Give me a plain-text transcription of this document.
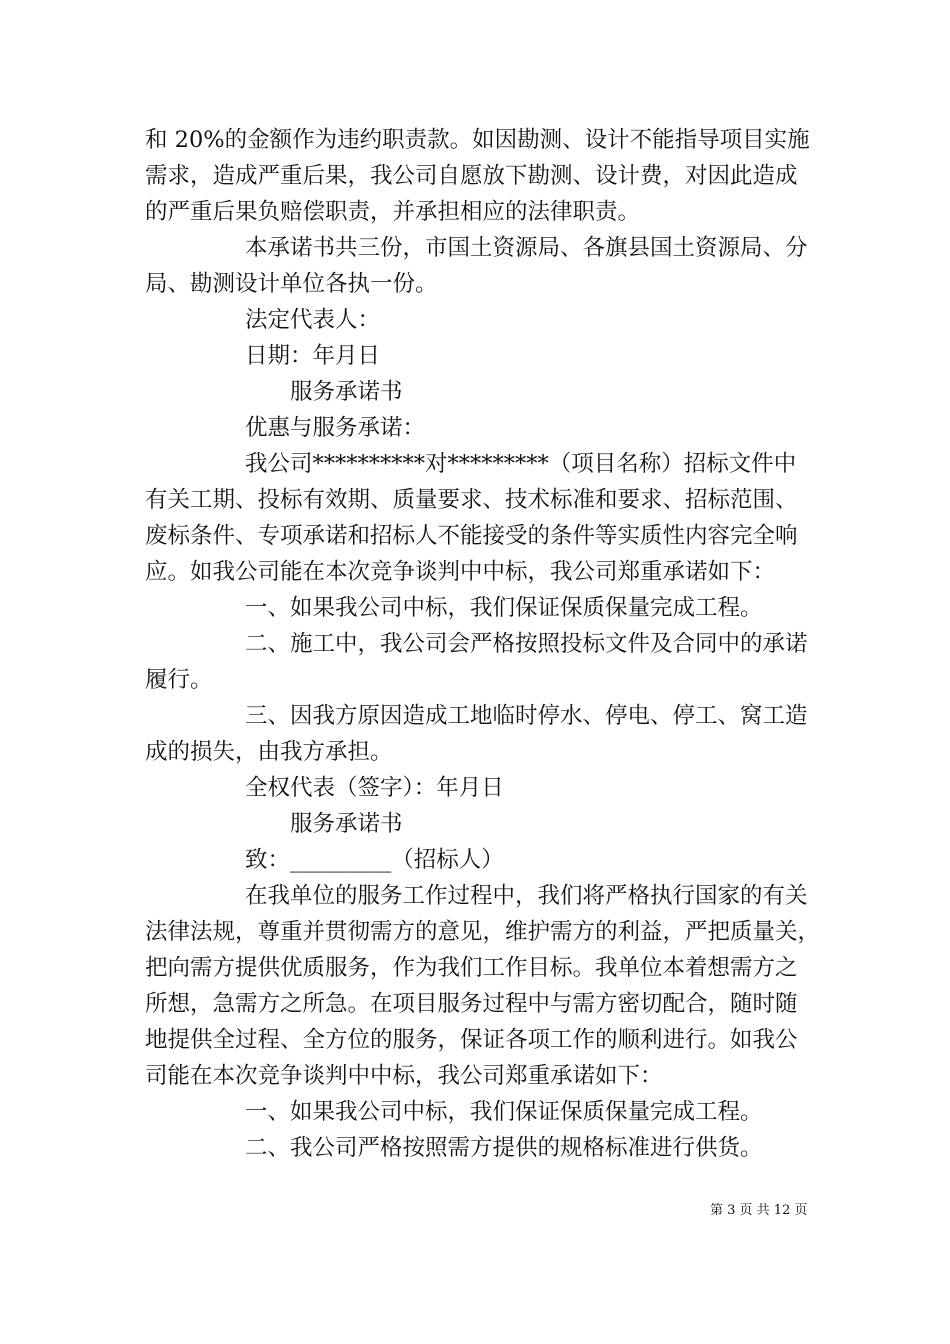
和 20%的金额作为违约职责款。如因勘测、设计不能指导项目实施
需求，造成严重后果，我公司自愿放下勘测、设计费，对因此造成
的严重后果负赔偿职责，并承担相应的法律职责。
本承诺书共三份，市国土资源局、各旗县国土资源局、分
局、勘测设计单位各执一份。
法定代表人：
日期：年月日
服务承诺书
优惠与服务承诺：
我公司**********对*********（项目名称）招标文件中
有关工期、投标有效期、质量要求、技术标准和要求、招标范围、
废标条件、专项承诺和招标人不能接受的条件等实质性内容完全响
应。如我公司能在本次竞争谈判中中标，我公司郑重承诺如下：
一、如果我公司中标，我们保证保质保量完成工程。
二、施工中，我公司会严格按照投标文件及合同中的承诺
履行。
三、因我方原因造成工地临时停水、停电、停工、窝工造
成的损失，由我方承担。
全权代表（签字）：年月日
服务承诺书
致：_________（招标人）
在我单位的服务工作过程中，我们将严格执行国家的有关
法律法规，尊重并贯彻需方的意见，维护需方的利益，严把质量关，
把向需方提供优质服务，作为我们工作目标。我单位本着想需方之
所想，急需方之所急。在项目服务过程中与需方密切配合，随时随
地提供全过程、全方位的服务，保证各项工作的顺利进行。如我公
司能在本次竞争谈判中中标，我公司郑重承诺如下：
一、如果我公司中标，我们保证保质保量完成工程。
二、我公司严格按照需方提供的规格标准进行供货。
第 3 页 共 12 页
